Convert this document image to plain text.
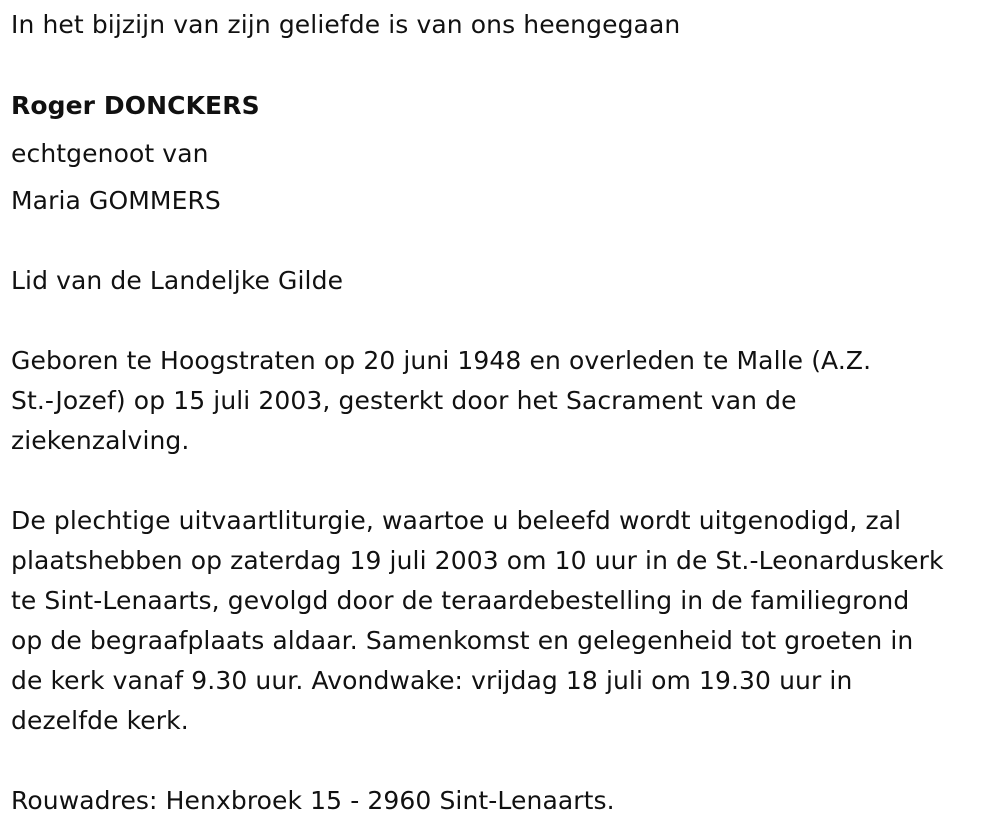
In het bijzijn van zijn geliefde is van ons heengegaan
Roger DONCKERS
echtgenoot van
Maria GOMMERS
Lid van de Landeljke Gilde
Geboren te Hoogstraten op 20 juni 1948 en overleden te Malle (A.Z.
St.-Jozef) op 15 juli 2003, gesterkt door het Sacrament van de
ziekenzalving.
De plechtige uitvaartliturgie, waartoe u beleefd wordt uitgenodigd, zal
plaatshebben op zaterdag 19 juli 2003 om 10 uur in de St.-Leonarduskerk
te Sint-Lenaarts, gevolgd door de teraardebestelling in de familiegrond
op de begraafplaats aldaar. Samenkomst en gelegenheid tot groeten in
de kerk vanaf 9.30 uur. Avondwake: vrijdag 18 juli om 19.30 uur in
dezelfde kerk.
Rouwadres: Henxbroek 15 - 2960 Sint-Lenaarts.
